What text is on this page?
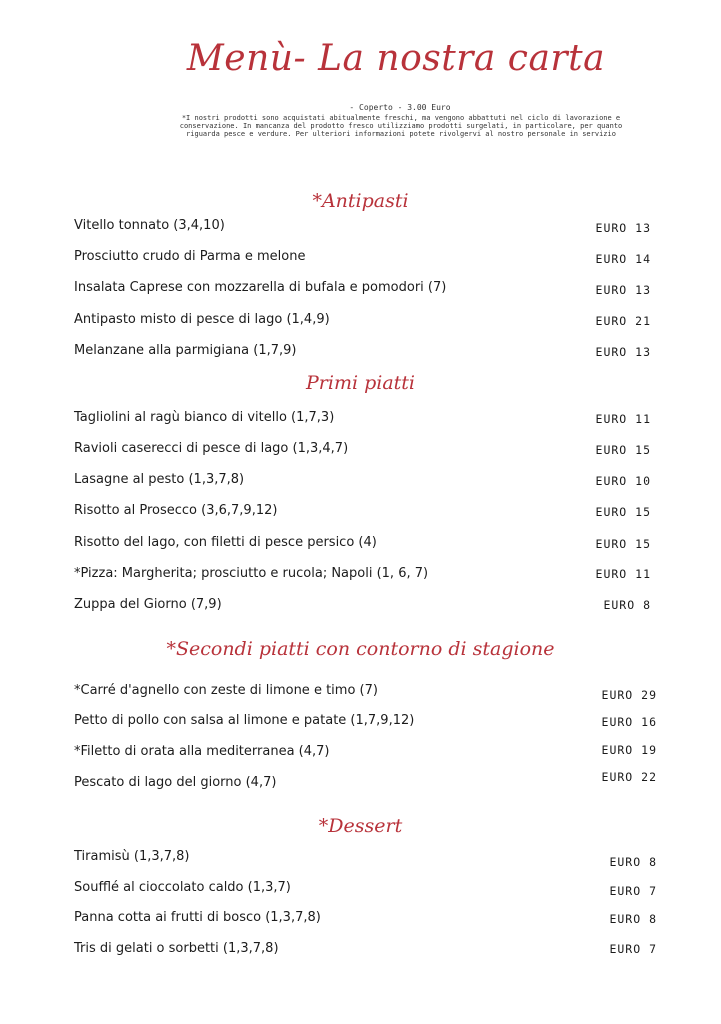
Menù- La nostra carta
- Coperto - 3.00 Euro
*I nostri prodotti sono acquistati abitualmente freschi, ma vengono abbattuti nel ciclo di lavorazione e conservazione. In mancanza del prodotto fresco utilizziamo prodotti surgelati, in particolare, per quanto riguarda pesce e verdure. Per ulteriori informazioni potete rivolgervi al nostro personale in servizio
*Antipasti
Vitello tonnato (3,4,10)	EURO 13
Prosciutto crudo di Parma e melone	EURO 14
Insalata Caprese con mozzarella di bufala e pomodori (7)	EURO 13
Antipasto misto di pesce di lago (1,4,9)	EURO 21
Melanzane alla parmigiana (1,7,9)	EURO 13
Primi piatti
Tagliolini al ragù bianco di vitello (1,7,3)	EURO 11
Ravioli caserecci di pesce di lago (1,3,4,7)	EURO 15
Lasagne al pesto (1,3,7,8)	EURO 10
Risotto al Prosecco (3,6,7,9,12)	EURO 15
Risotto del lago, con filetti di pesce persico (4)	EURO 15
*Pizza: Margherita; prosciutto e rucola; Napoli (1, 6, 7)	EURO 11
Zuppa del Giorno (7,9)	EURO 8
*Secondi piatti con contorno di stagione
*Carré d'agnello con zeste di limone e timo (7)	EURO 29
Petto di pollo con salsa al limone e patate (1,7,9,12)	EURO 16
*Filetto di orata alla mediterranea (4,7)	EURO 19
Pescato di lago del giorno (4,7)	EURO 22
*Dessert
Tiramisù (1,3,7,8)	EURO 8
Soufflé al cioccolato caldo (1,3,7)	EURO 7
Panna cotta ai frutti di bosco (1,3,7,8)	EURO 8
Tris di gelati o sorbetti (1,3,7,8)	EURO 7
